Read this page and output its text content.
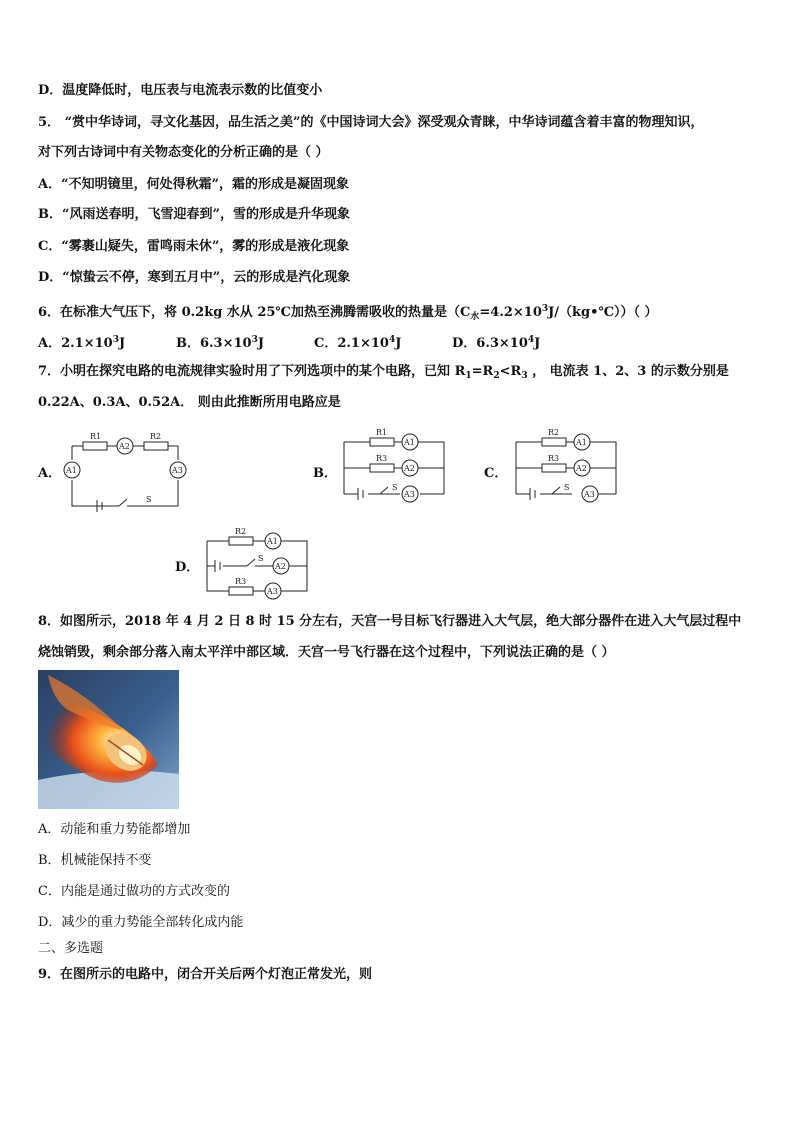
D．温度降低时，电压表与电流表示数的比值变小
5． “赏中华诗词，寻文化基因，品生活之美”的《中国诗词大会》深受观众青睐，中华诗词蕴含着丰富的物理知识，
对下列古诗词中有关物态变化的分析正确的是（ ）
A．“不知明镜里，何处得秋霜”，霜的形成是凝固现象
B．“风雨送春明，飞雪迎春到”，雪的形成是升华现象
C．“雾裹山疑失，雷鸣雨未休”，雾的形成是液化现象
D．“惊蛰云不停，寒到五月中”，云的形成是汽化现象
6．在标准大气压下，将 0.2kg 水从 25℃加热至沸腾需吸收的热量是$(C_水=4.2\times 10^3J/(kg•℃))$（ ）
A．$2.1\times 10^3J$	B．$6.3\times 10^3J$	C．$2.1\times 10^4J$	D．$6.3\times 10^4J$
7．小明在探究电路的电流规律实验时用了下列选项中的某个电路，已知 $R_1=R_2<R_3$ ， 电流表 1、2、3 的示数分别是
0.22A、0.3A、0.52A． 则由此推断所用电路应是
A．	B．	C．
D．
R1	R2
A2
A1	A3
S
R1
R3
A1
A2
A3
S
R2
R3
A1
A2
A3
S
R2
R3
A1
A2
A3
S
8．如图所示，2018 年 4 月 2 日 8 时 15 分左右，天宫一号目标飞行器进入大气层，绝大部分器件在进入大气层过程中
烧蚀销毁，剩余部分落入南太平洋中部区域．天宫一号飞行器在这个过程中，下列说法正确的是（ ）
A．动能和重力势能都增加
B．机械能保持不变
C．内能是通过做功的方式改变的
D．减少的重力势能全部转化成内能
二、多选题
9．在图所示的电路中，闭合开关后两个灯泡正常发光，则
